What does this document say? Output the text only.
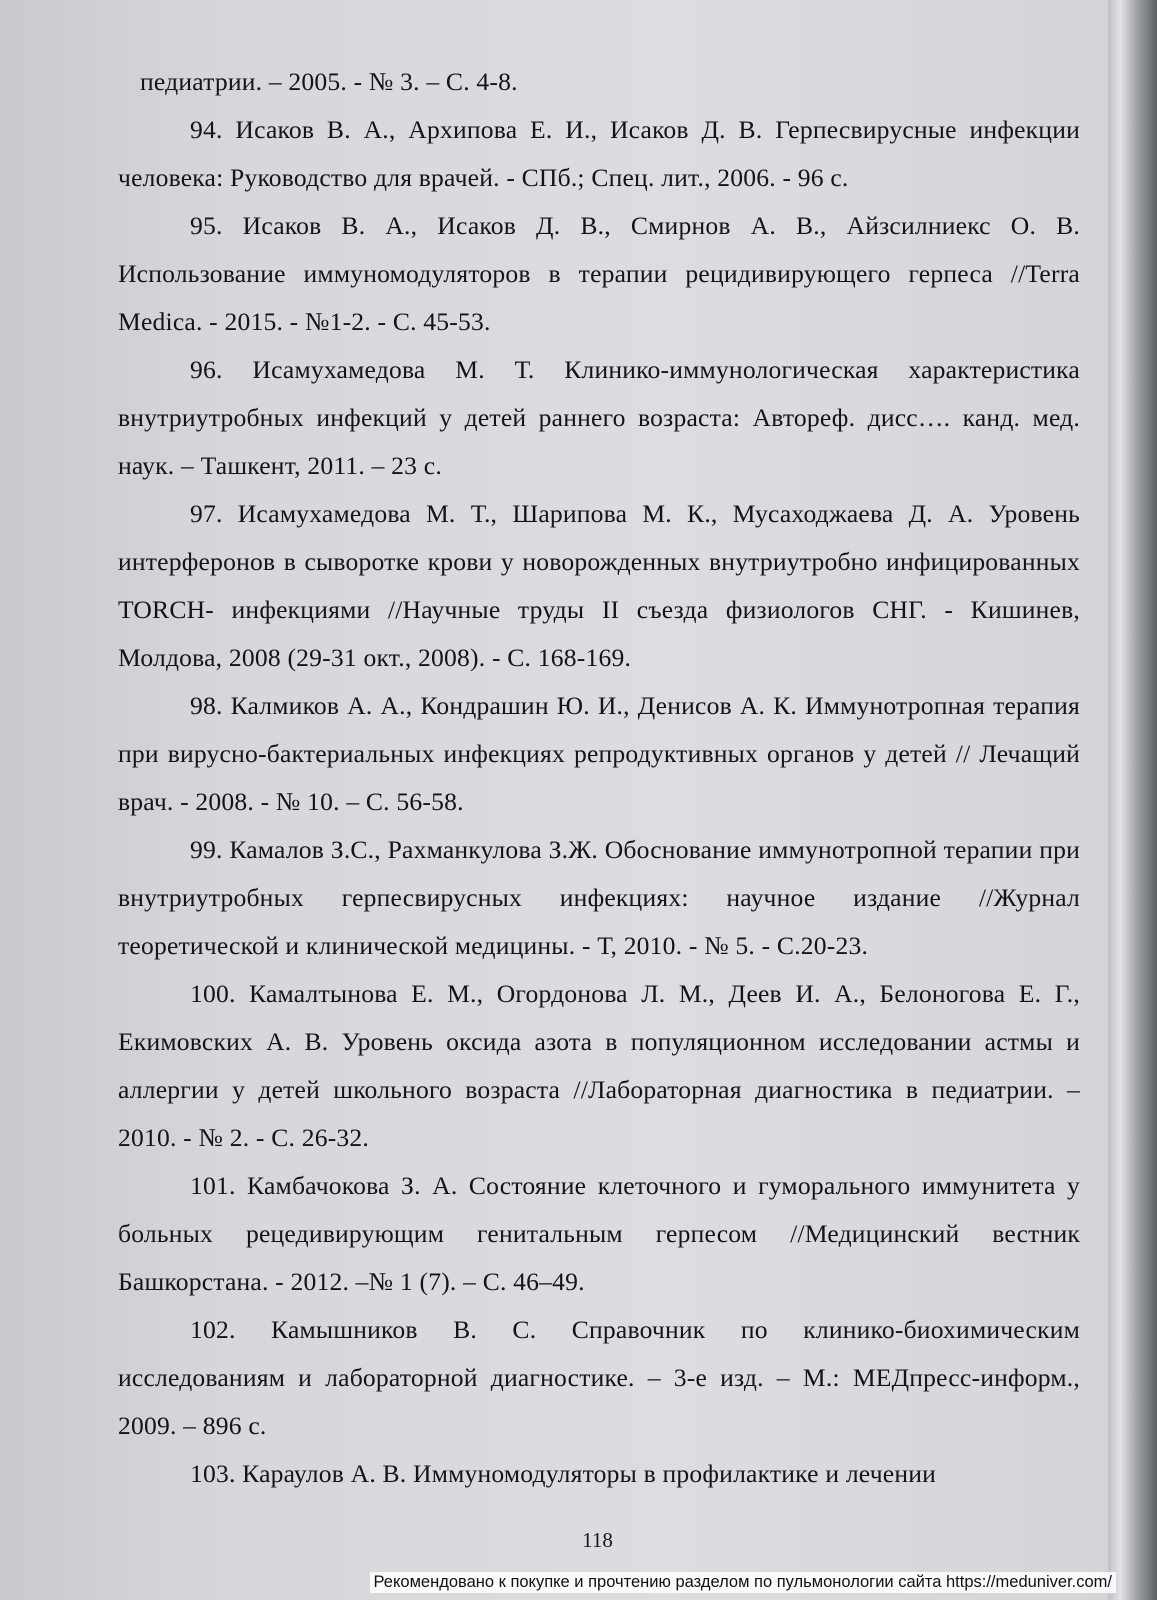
педиатрии. – 2005. - № 3. – С. 4-8.

94. Исаков В. А., Архипова Е. И., Исаков Д. В. Герпесвирусные инфекции человека: Руководство для врачей. - СПб.; Спец. лит., 2006. - 96 с.

95. Исаков В. А., Исаков Д. В., Смирнов А. В., Айзсилниекс О. В. Использование иммуномодуляторов в терапии рецидивирующего герпеса //Terra Medica. - 2015. - №1-2. - С. 45-53.

96. Исамухамедова М. Т. Клинико-иммунологическая характеристика внутриутробных инфекций у детей раннего возраста: Автореф. дисс…. канд. мед. наук. – Ташкент, 2011. – 23 с.

97. Исамухамедова М. Т., Шарипова М. К., Мусаходжаева Д. А. Уровень интерферонов в сыворотке крови у новорожденных внутриутробно инфицированных TORCH- инфекциями //Научные труды II съезда физиологов СНГ. - Кишинев, Молдова, 2008 (29-31 окт., 2008). - С. 168-169.

98. Калмиков А. А., Кондрашин Ю. И., Денисов А. К. Иммунотропная терапия при вирусно-бактериальных инфекциях репродуктивных органов у детей // Лечащий врач. - 2008. - № 10. – С. 56-58.

99. Камалов З.С., Рахманкулова З.Ж. Обоснование иммунотропной терапии при внутриутробных герпесвирусных инфекциях: научное издание //Журнал теоретической и клинической медицины. - Т, 2010. - № 5. - С.20-23.

100. Камалтынова Е. М., Огордонова Л. М., Деев И. А., Белоногова Е. Г., Екимовских А. В. Уровень оксида азота в популяционном исследовании астмы и аллергии у детей школьного возраста //Лабораторная диагностика в педиатрии. – 2010. - № 2. - С. 26-32.

101. Камбачокова З. А. Состояние клеточного и гуморального иммунитета у больных рецедивирующим генитальным герпесом //Медицинский вестник Башкорстана. - 2012. –№ 1 (7). – С. 46–49.

102. Камышников В. С. Справочник по клинико-биохимическим исследованиям и лабораторной диагностике. – 3-е изд. – М.: МЕДпресс-информ., 2009. – 896 с.

103. Караулов А. В. Иммуномодуляторы в профилактике и лечении

118
Рекомендовано к покупке и прочтению разделом по пульмонологии сайта https://meduniver.com/
